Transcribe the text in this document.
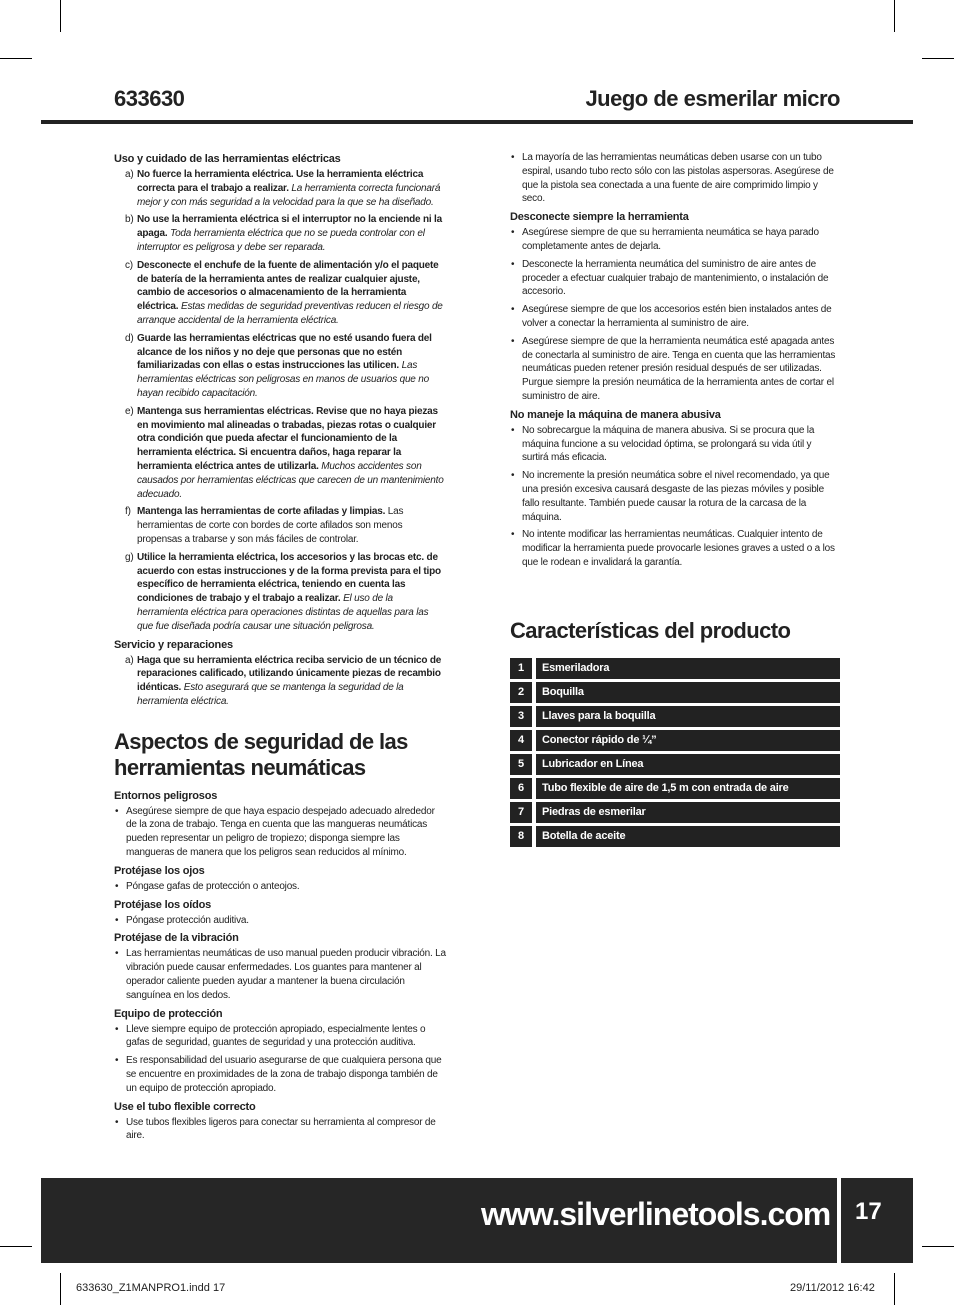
633630	Juego de esmerilar micro
Uso y cuidado de las herramientas eléctricas
a) No fuerce la herramienta eléctrica. Use la herramienta eléctrica correcta para el trabajo a realizar. La herramienta correcta funcionará mejor y con más seguridad a la velocidad para la que se ha diseñado.
b) No use la herramienta eléctrica si el interruptor no la enciende ni la apaga. Toda herramienta eléctrica que no se pueda controlar con el interruptor es peligrosa y debe ser reparada.
c) Desconecte el enchufe de la fuente de alimentación y/o el paquete de batería de la herramienta antes de realizar cualquier ajuste, cambio de accesorios o almacenamiento de la herramienta eléctrica. Estas medidas de seguridad preventivas reducen el riesgo de arranque accidental de la herramienta eléctrica.
d) Guarde las herramientas eléctricas que no esté usando fuera del alcance de los niños y no deje que personas que no estén familiarizadas con ellas o estas instrucciones las utilicen. Las herramientas eléctricas son peligrosas en manos de usuarios que no hayan recibido capacitación.
e) Mantenga sus herramientas eléctricas. Revise que no haya piezas en movimiento mal alineadas o trabadas, piezas rotas o cualquier otra condición que pueda afectar el funcionamiento de la herramienta eléctrica. Si encuentra daños, haga reparar la herramienta eléctrica antes de utilizarla. Muchos accidentes son causados por herramientas eléctricas que carecen de un mantenimiento adecuado.
f) Mantenga las herramientas de corte afiladas y limpias. Las herramientas de corte con bordes de corte afilados son menos propensas a trabarse y son más fáciles de controlar.
g) Utilice la herramienta eléctrica, los accesorios y las brocas etc. de acuerdo con estas instrucciones y de la forma prevista para el tipo específico de herramienta eléctrica, teniendo en cuenta las condiciones de trabajo y el trabajo a realizar. El uso de la herramienta eléctrica para operaciones distintas de aquellas para las que fue diseñada podría causar une situación peligrosa.
Servicio y reparaciones
a) Haga que su herramienta eléctrica reciba servicio de un técnico de reparaciones calificado, utilizando únicamente piezas de recambio idénticas. Esto asegurará que se mantenga la seguridad de la herramienta eléctrica.
Aspectos de seguridad de las herramientas neumáticas
Entornos peligrosos
• Asegúrese siempre de que haya espacio despejado adecuado alrededor de la zona de trabajo. Tenga en cuenta que las mangueras neumáticas pueden representar un peligro de tropiezo; disponga siempre las mangueras de manera que los peligros sean reducidos al mínimo.
Protéjase los ojos
• Póngase gafas de protección o anteojos.
Protéjase los oídos
• Póngase protección auditiva.
Protéjase de la vibración
• Las herramientas neumáticas de uso manual pueden producir vibración. La vibración puede causar enfermedades. Los guantes para mantener al operador caliente pueden ayudar a mantener la buena circulación sanguínea en los dedos.
Equipo de protección
• Lleve siempre equipo de protección apropiado, especialmente lentes o gafas de seguridad, guantes de seguridad y una protección auditiva.
• Es responsabilidad del usuario asegurarse de que cualquiera persona que se encuentre en proximidades de la zona de trabajo disponga también de un equipo de protección apropiado.
Use el tubo flexible correcto
• Use tubos flexibles ligeros para conectar su herramienta al compresor de aire.
• La mayoría de las herramientas neumáticas deben usarse con un tubo espiral, usando tubo recto sólo con las pistolas aspersoras. Asegúrese de que la pistola sea conectada a una fuente de aire comprimido limpio y seco.
Desconecte siempre la herramienta
• Asegúrese siempre de que su herramienta neumática se haya parado completamente antes de dejarla.
• Desconecte la herramienta neumática del suministro de aire antes de proceder a efectuar cualquier trabajo de mantenimiento, o instalación de accesorio.
• Asegúrese siempre de que los accesorios estén bien instalados antes de volver a conectar la herramienta al suministro de aire.
• Asegúrese siempre de que la herramienta neumática esté apagada antes de conectarla al suministro de aire. Tenga en cuenta que las herramientas neumáticas pueden retener presión residual después de ser utilizadas. Purgue siempre la presión neumática de la herramienta antes de cortar el suministro de aire.
No maneje la máquina de manera abusiva
• No sobrecargue la máquina de manera abusiva. Si se procura que la máquina funcione a su velocidad óptima, se prolongará su vida útil y surtirá más eficacia.
• No incremente la presión neumática sobre el nivel recomendado, ya que una presión excesiva causará desgaste de las piezas móviles y posible fallo resultante. También puede causar la rotura de la carcasa de la máquina.
• No intente modificar las herramientas neumáticas. Cualquier intento de modificar la herramienta puede provocarle lesiones graves a usted o a los que le rodean e invalidará la garantía.
Características del producto
1	Esmeriladora
2	Boquilla
3	Llaves para la boquilla
4	Conector rápido de ¼”
5	Lubricador en Línea
6	Tubo flexible de aire de 1,5 m con entrada de aire
7	Piedras de esmerilar
8	Botella de aceite
www.silverlinetools.com 17
633630_Z1MANPRO1.indd 17	29/11/2012 16:42
